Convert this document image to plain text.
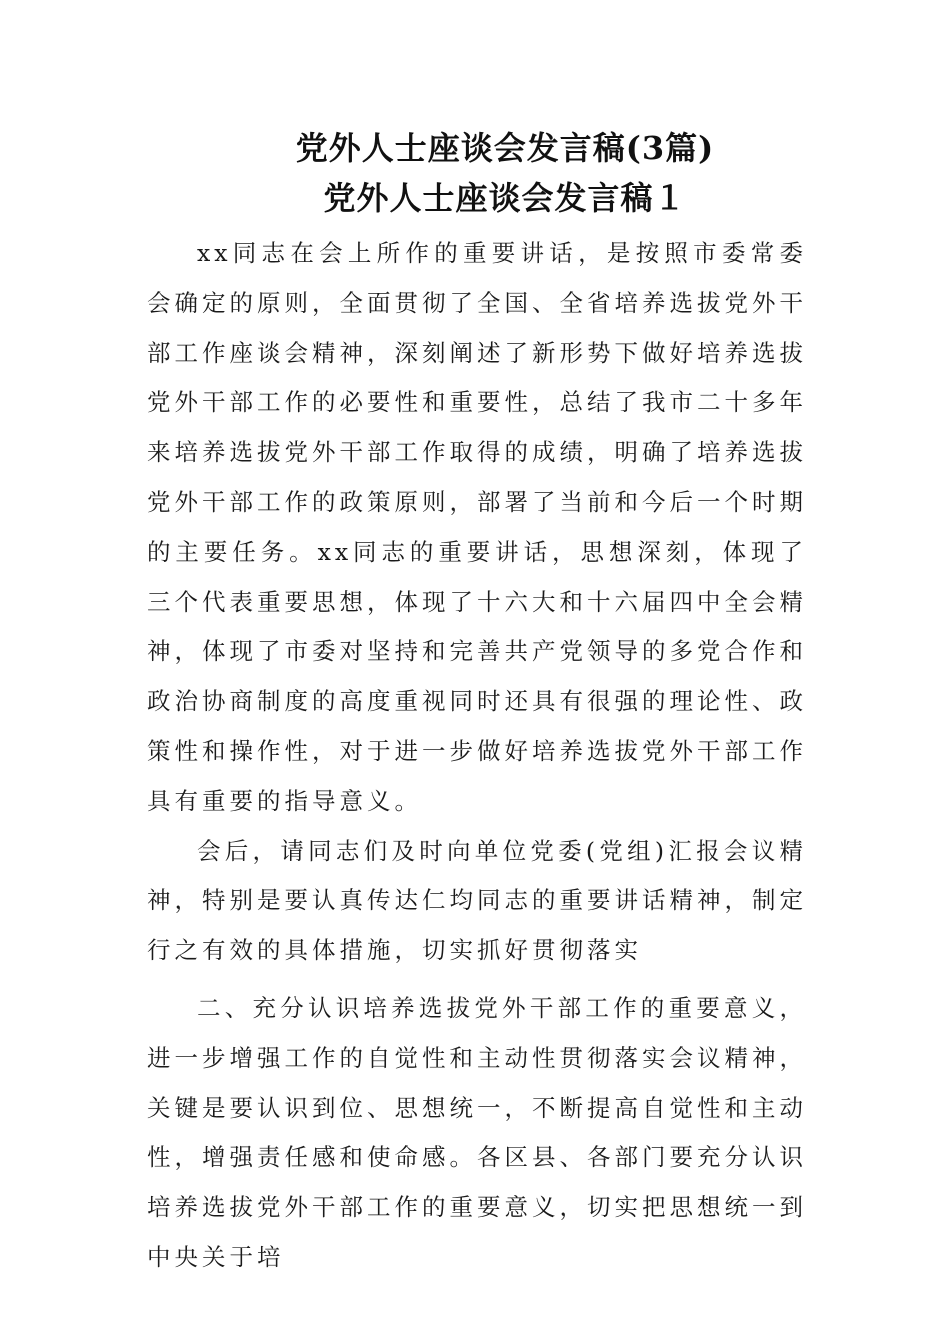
党外人士座谈会发言稿(3篇)
党外人士座谈会发言稿１

xx同志在会上所作的重要讲话，是按照市委常委会确定的原则，全面贯彻了全国、全省培养选拔党外干部工作座谈会精神，深刻阐述了新形势下做好培养选拔党外干部工作的必要性和重要性，总结了我市二十多年来培养选拔党外干部工作取得的成绩，明确了培养选拔党外干部工作的政策原则，部署了当前和今后一个时期的主要任务。xx同志的重要讲话，思想深刻，体现了三个代表重要思想，体现了十六大和十六届四中全会精神，体现了市委对坚持和完善共产党领导的多党合作和政治协商制度的高度重视同时还具有很强的理论性、政策性和操作性，对于进一步做好培养选拔党外干部工作具有重要的指导意义。

会后，请同志们及时向单位党委(党组)汇报会议精神，特别是要认真传达仁均同志的重要讲话精神，制定行之有效的具体措施，切实抓好贯彻落实

二、充分认识培养选拔党外干部工作的重要意义，进一步增强工作的自觉性和主动性贯彻落实会议精神，关键是要认识到位、思想统一，不断提高自觉性和主动性，增强责任感和使命感。各区县、各部门要充分认识培养选拔党外干部工作的重要意义，切实把思想统一到中央关于培
